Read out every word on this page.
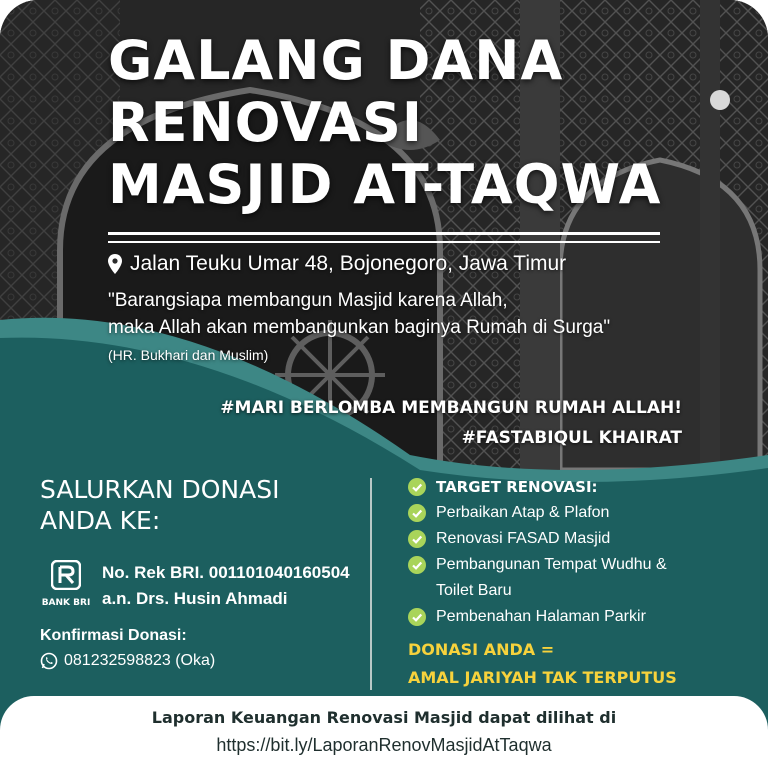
GALANG DANA
RENOVASI
MASJID AT-TAQWA
Jalan Teuku Umar 48, Bojonegoro, Jawa Timur
"Barangsiapa membangun Masjid karena Allah,
maka Allah akan membangunkan baginya Rumah di Surga"
(HR. Bukhari dan Muslim)
#MARI BERLOMBA MEMBANGUN RUMAH ALLAH!
#FASTABIQUL KHAIRAT
SALURKAN DONASI
ANDA KE:
BANK BRI
No. Rek BRI. 001101040160504
a.n. Drs. Husin Ahmadi
Konfirmasi Donasi:
081232598823 (Oka)
TARGET RENOVASI:
Perbaikan Atap & Plafon
Renovasi FASAD Masjid
Pembangunan Tempat Wudhu &
Toilet Baru
Pembenahan Halaman Parkir
DONASI ANDA =
AMAL JARIYAH TAK TERPUTUS
Laporan Keuangan Renovasi Masjid dapat dilihat di
https://bit.ly/LaporanRenovMasjidAtTaqwa
